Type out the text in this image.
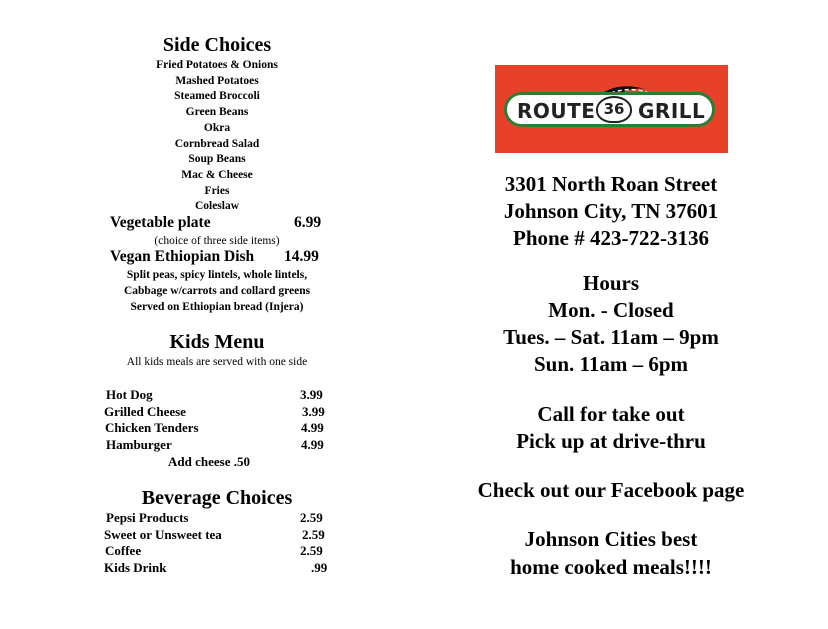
Side Choices
Fried Potatoes & Onions
Mashed Potatoes
Steamed Broccoli
Green Beans
Okra
Cornbread Salad
Soup Beans
Mac & Cheese
Fries
Coleslaw
Vegetable plate	6.99
(choice of three side items)
Vegan Ethiopian Dish 14.99
Split peas, spicy lintels, whole lintels,
Cabbage w/carrots and collard greens
Served on Ethiopian bread (Injera)
Kids Menu
All kids meals are served with one side
Hot Dog	3.99
Grilled Cheese	3.99
Chicken Tenders	4.99
Hamburger	4.99
Add cheese .50
Beverage Choices
Pepsi Products	2.59
Sweet or Unsweet tea	2.59
Coffee	2.59
Kids Drink	.99
ROUTE 36 GRILL
3301 North Roan Street
Johnson City, TN 37601
Phone # 423-722-3136
Hours
Mon. - Closed
Tues. – Sat. 11am – 9pm
Sun. 11am – 6pm
Call for take out
Pick up at drive-thru
Check out our Facebook page
Johnson Cities best
home cooked meals!!!!
